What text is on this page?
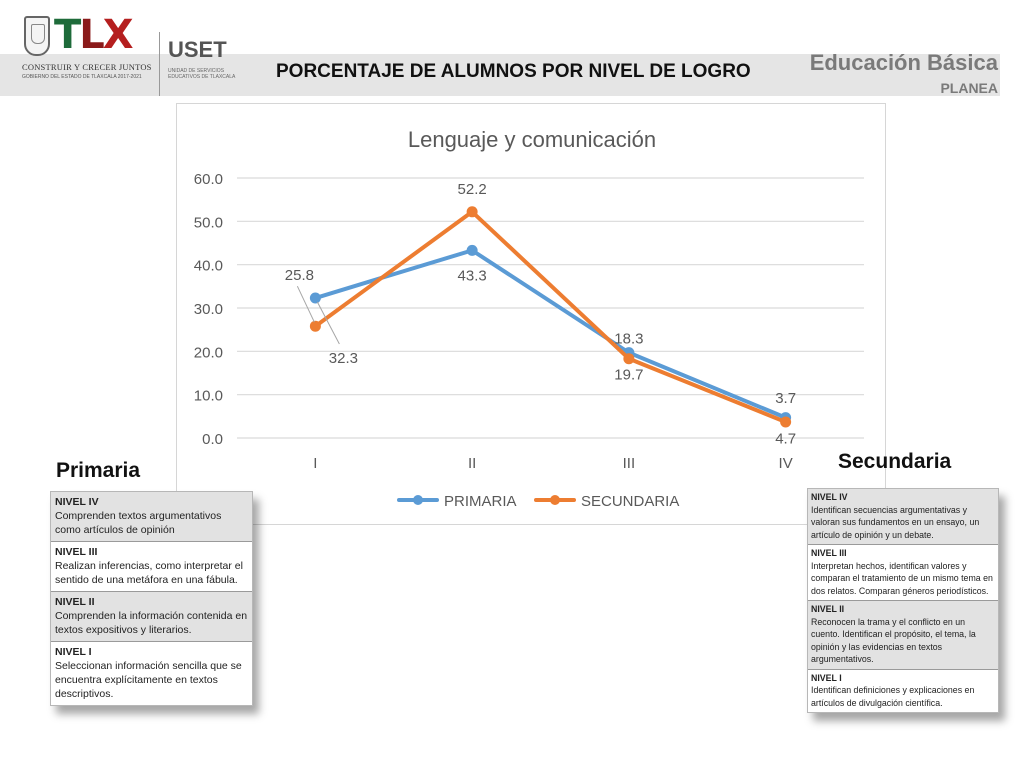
TLX
CONSTRUIR Y CRECER JUNTOS
GOBIERNO DEL ESTADO DE TLAXCALA 2017-2021
USET
UNIDAD DE SERVICIOS EDUCATIVOS DE TLAXCALA PORCENTAJE DE ALUMNOS POR NIVEL DE LOGRO	Educación Básica
PLANEA
Lenguaje y comunicación
0.0
10.0
20.0
30.0
40.0
50.0
60.0
I	II	III	IV
32.3
43.3
19.7
4.7
25.8
52.2
18.3
3.7
PRIMARIA	SECUNDARIA
Primaria
NIVEL IV
Comprenden textos argumentativos como artículos de opinión
NIVEL III
Realizan inferencias, como interpretar el sentido de una metáfora en una fábula.
NIVEL II
Comprenden la información contenida en textos expositivos y literarios.
NIVEL I
Seleccionan información sencilla que se encuentra explícitamente en textos descriptivos.
Secundaria
NIVEL IV
Identifican secuencias argumentativas y valoran sus fundamentos en un ensayo, un artículo de opinión y un debate.
NIVEL III
Interpretan hechos, identifican valores y comparan el tratamiento de un mismo tema en dos relatos. Comparan géneros periodísticos.
NIVEL II
Reconocen la trama y el conflicto en un cuento. Identifican el propósito, el tema, la opinión y las evidencias en textos argumentativos.
NIVEL I
Identifican definiciones y explicaciones en artículos de divulgación científica.
